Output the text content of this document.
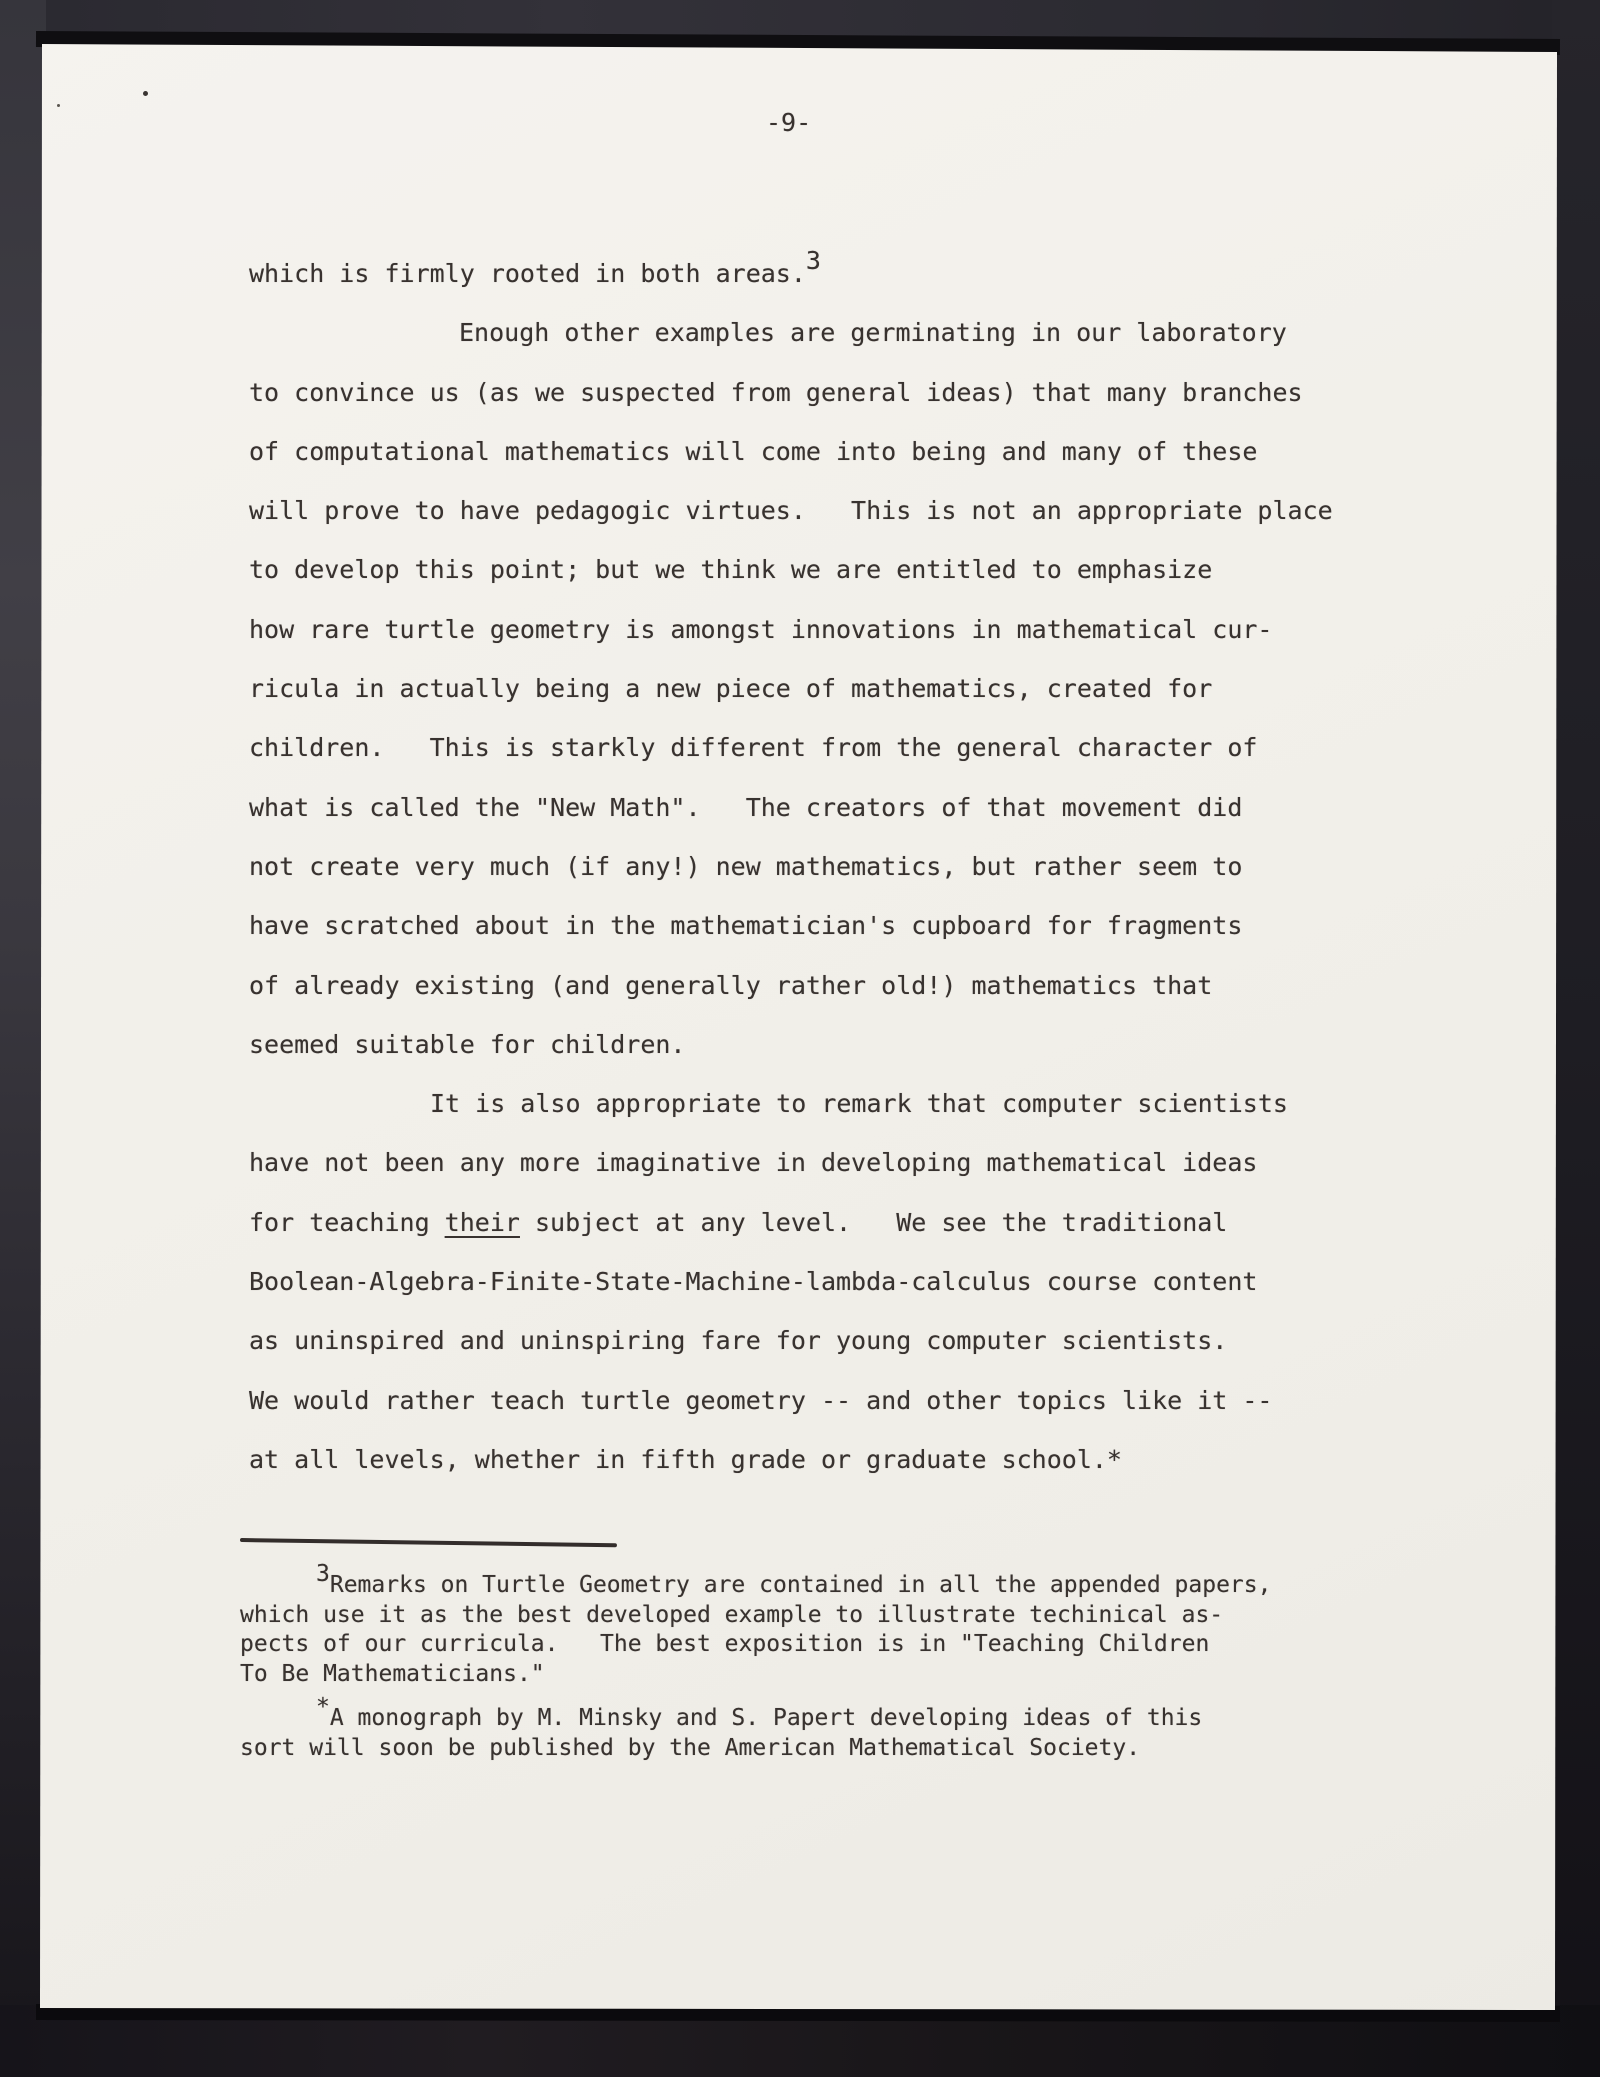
-9-
which is firmly rooted in both areas.3
Enough other examples are germinating in our laboratory
to convince us (as we suspected from general ideas) that many branches
of computational mathematics will come into being and many of these
will prove to have pedagogic virtues.   This is not an appropriate place
to develop this point; but we think we are entitled to emphasize
how rare turtle geometry is amongst innovations in mathematical cur-
ricula in actually being a new piece of mathematics, created for
children.   This is starkly different from the general character of
what is called the "New Math".   The creators of that movement did
not create very much (if any!) new mathematics, but rather seem to
have scratched about in the mathematician's cupboard for fragments
of already existing (and generally rather old!) mathematics that
seemed suitable for children.
It is also appropriate to remark that computer scientists
have not been any more imaginative in developing mathematical ideas
for teaching their subject at any level.   We see the traditional
Boolean-Algebra-Finite-State-Machine-lambda-calculus course content
as uninspired and uninspiring fare for young computer scientists.
We would rather teach turtle geometry -- and other topics like it --
at all levels, whether in fifth grade or graduate school.*
3Remarks on Turtle Geometry are contained in all the appended papers,
which use it as the best developed example to illustrate techinical as-
pects of our curricula.   The best exposition is in "Teaching Children
To Be Mathematicians."
*A monograph by M. Minsky and S. Papert developing ideas of this
sort will soon be published by the American Mathematical Society.
